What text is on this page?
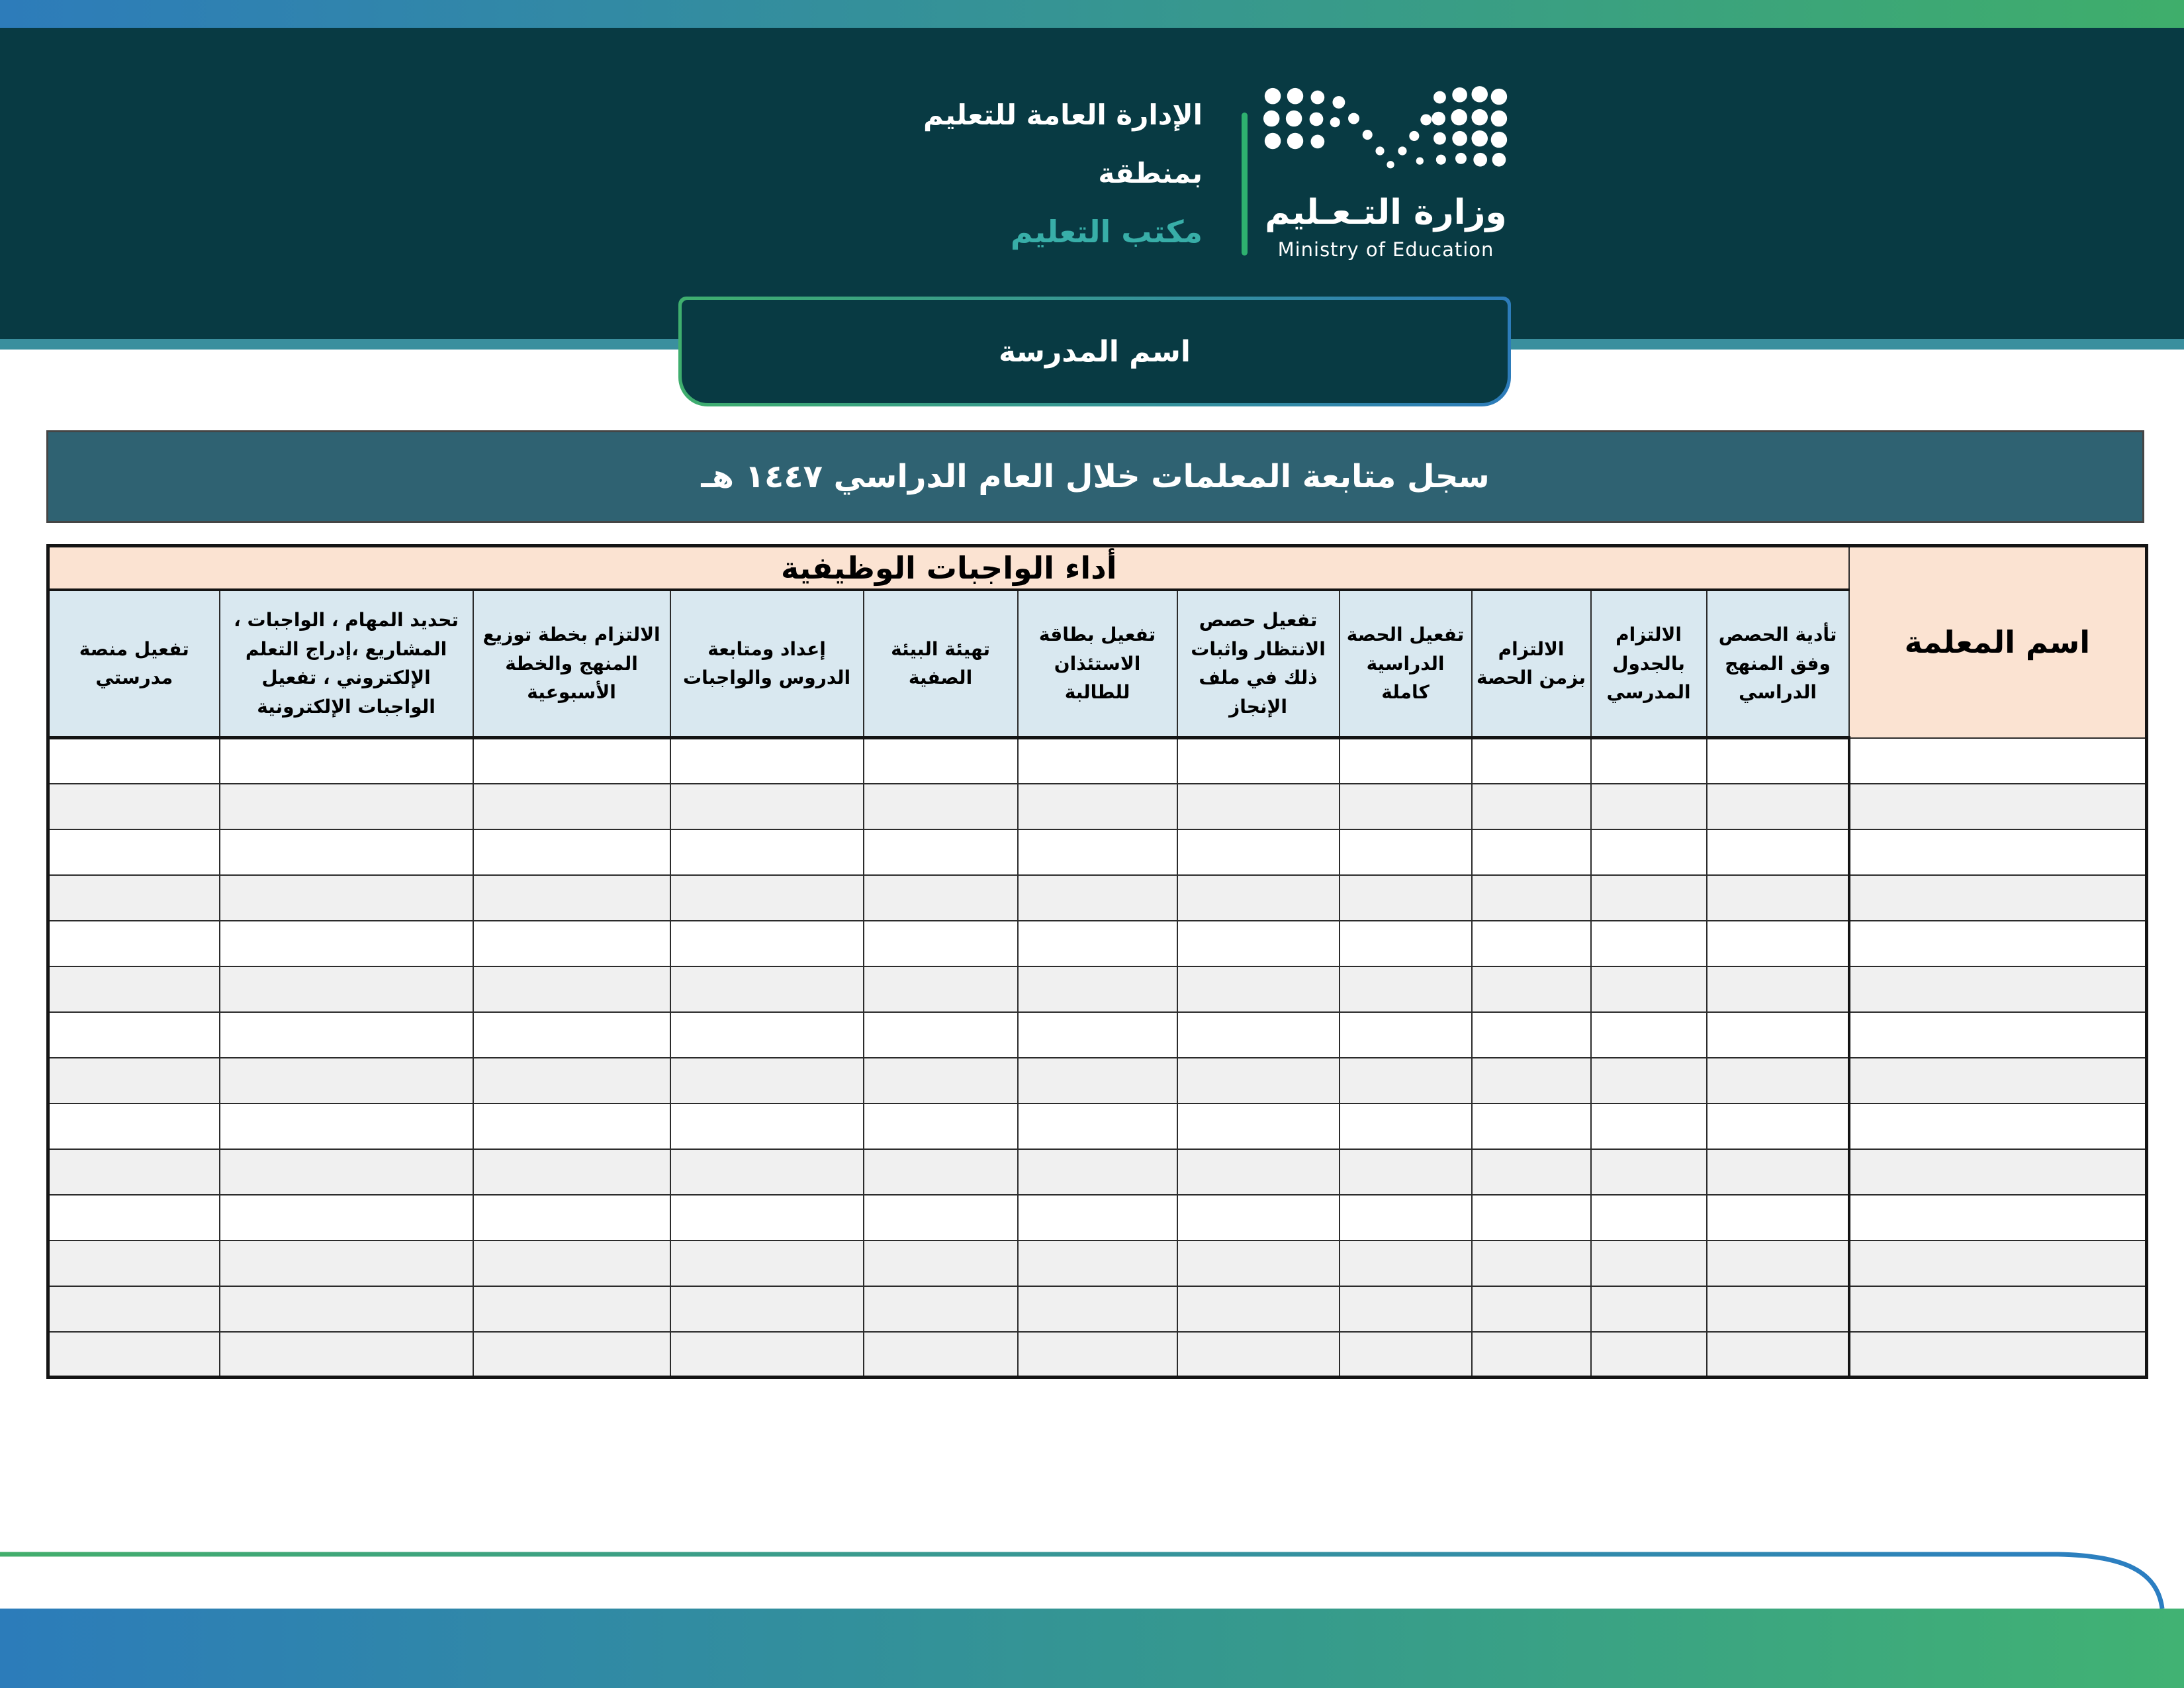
الإدارة العامة للتعليم
بمنطقة
مكتب التعليم وزارة التـعـليم
Ministry of Education
اسم المدرسة
سجل متابعة المعلمات خلال العام الدراسي ١٤٤٧ هـ
اسم المعلمة	أداء الواجبات الوظيفية										
	تأدية الحصص وفق المنهج الدراسي	الالتزام بالجدول المدرسي	الالتزام بزمن الحصة	تفعيل الحصة الدراسية كاملة	تفعيل حصص الانتظار واثبات ذلك في ملف الإنجاز	تفعيل بطاقة الاستئذان للطالبة	تهيئة البيئة الصفية	إعداد ومتابعة الدروس والواجبات	الالتزام بخطة توزيع المنهج والخطة الأسبوعية	تحديد المهام ، الواجبات ، المشاريع ،إدراج التعلم الإلكتروني ، تفعيل الواجبات الإلكترونية	تفعيل منصة مدرستي
